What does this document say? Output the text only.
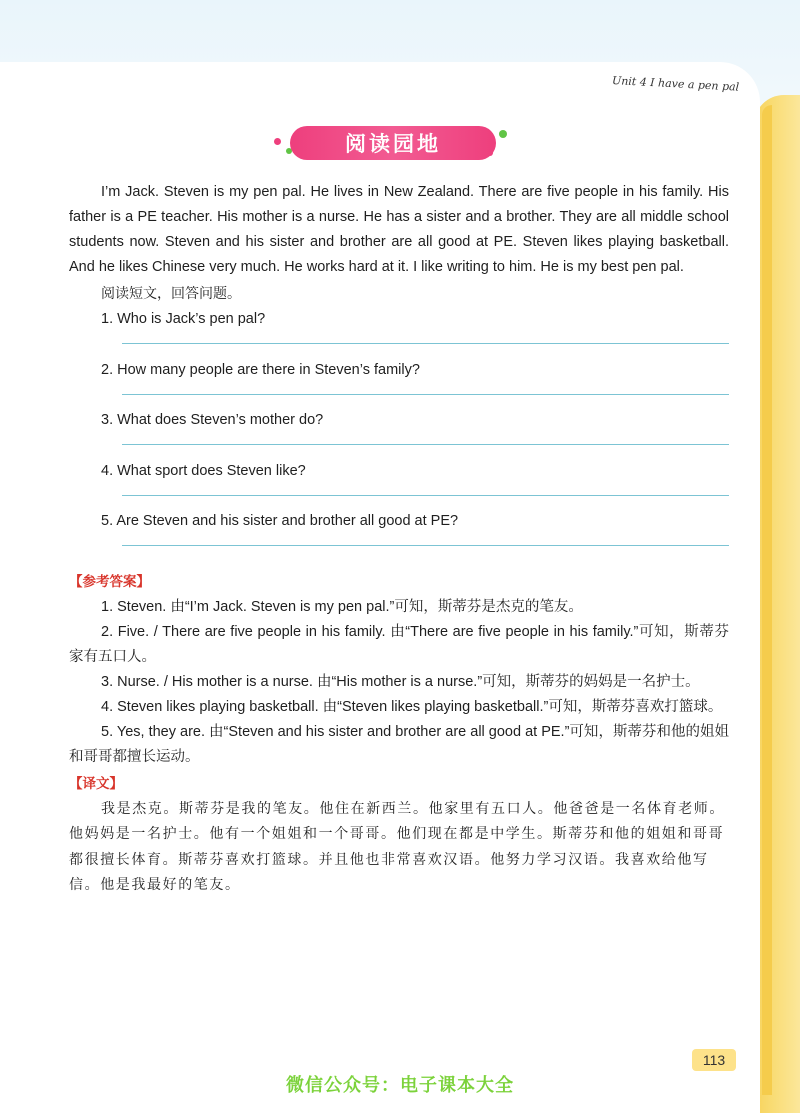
Unit 4 I have a pen pal
阅读园地

I’m Jack. Steven is my pen pal. He lives in New Zealand. There are five people in his family. His father is a PE teacher. His mother is a nurse. He has a sister and a brother. They are all middle school students now. Steven and his sister and brother are all good at PE. Steven likes playing basketball. And he likes Chinese very much. He works hard at it. I like writing to him. He is my best pen pal.

阅读短文，回答问题。
1. Who is Jack’s pen pal?
2. How many people are there in Steven’s family?
3. What does Steven’s mother do?
4. What sport does Steven like?
5. Are Steven and his sister and brother all good at PE?
【参考答案】

1. Steven. 由“I’m Jack. Steven is my pen pal.”可知，斯蒂芬是杰克的笔友。

2. Five. / There are five people in his family. 由“There are five people in his family.”可知，斯蒂芬家有五口人。

3. Nurse. / His mother is a nurse. 由“His mother is a nurse.”可知，斯蒂芬的妈妈是一名护士。

4. Steven likes playing basketball. 由“Steven likes playing basketball.”可知，斯蒂芬喜欢打篮球。

5. Yes, they are. 由“Steven and his sister and brother are all good at PE.”可知，斯蒂芬和他的姐姐和哥哥都擅长运动。

【译文】

我是杰克。斯蒂芬是我的笔友。他住在新西兰。他家里有五口人。他爸爸是一名体育老师。他妈妈是一名护士。他有一个姐姐和一个哥哥。他们现在都是中学生。斯蒂芬和他的姐姐和哥哥都很擅长体育。斯蒂芬喜欢打篮球。并且他也非常喜欢汉语。他努力学习汉语。我喜欢给他写信。他是我最好的笔友。

113
微信公众号：电子课本大全
